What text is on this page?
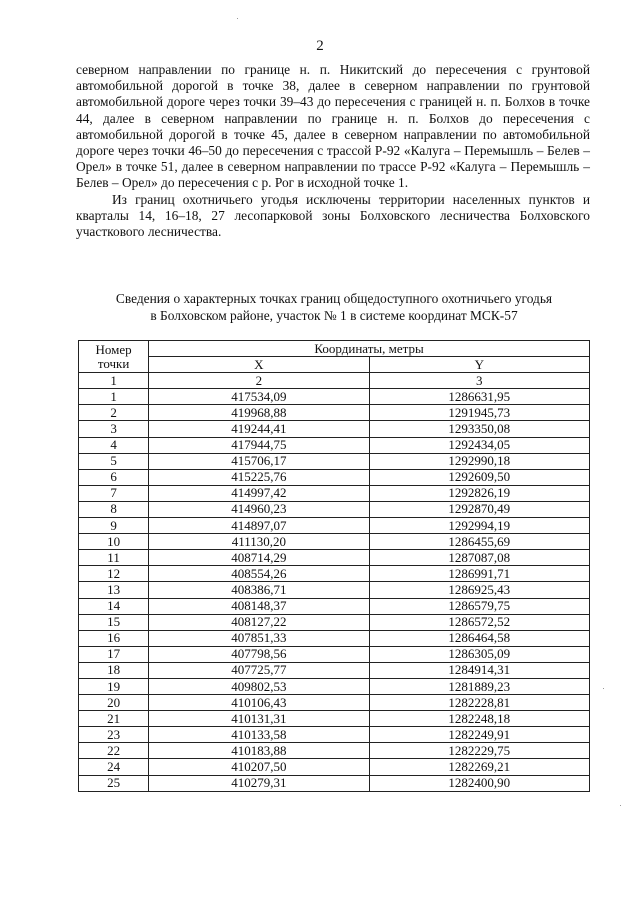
2

северном направлении по границе н. п. Никитский до пересечения с грунтовой автомобильной дорогой в точке 38, далее в северном направлении по грунтовой автомобильной дороге через точки 39–43 до пересечения с границей н. п. Болхов в точке 44, далее в северном направлении по границе н. п. Болхов до пересечения с автомобильной дорогой в точке 45, далее в северном направлении по автомобильной дороге через точки 46–50 до пересечения с трассой Р-92 «Калуга – Перемышль – Белев – Орел» в точке 51, далее в северном направлении по трассе Р-92 «Калуга – Перемышль – Белев – Орел» до пересечения с р. Рог в исходной точке 1.

Из границ охотничьего угодья исключены территории населенных пунктов и кварталы 14, 16–18, 27 лесопарковой зоны Болховского лесничества Болховского участкового лесничества.

Сведения о характерных точках границ общедоступного охотничьего угодья
в Болховском районе, участок № 1 в системе координат МСК-57
Номер
точки	Координаты, метры	
	X	Y
1	2	3
1	417534,09	1286631,95
2	419968,88	1291945,73
3	419244,41	1293350,08
4	417944,75	1292434,05
5	415706,17	1292990,18
6	415225,76	1292609,50
7	414997,42	1292826,19
8	414960,23	1292870,49
9	414897,07	1292994,19
10	411130,20	1286455,69
11	408714,29	1287087,08
12	408554,26	1286991,71
13	408386,71	1286925,43
14	408148,37	1286579,75
15	408127,22	1286572,52
16	407851,33	1286464,58
17	407798,56	1286305,09
18	407725,77	1284914,31
19	409802,53	1281889,23
20	410106,43	1282228,81
21	410131,31	1282248,18
23	410133,58	1282249,91
22	410183,88	1282229,75
24	410207,50	1282269,21
25	410279,31	1282400,90
